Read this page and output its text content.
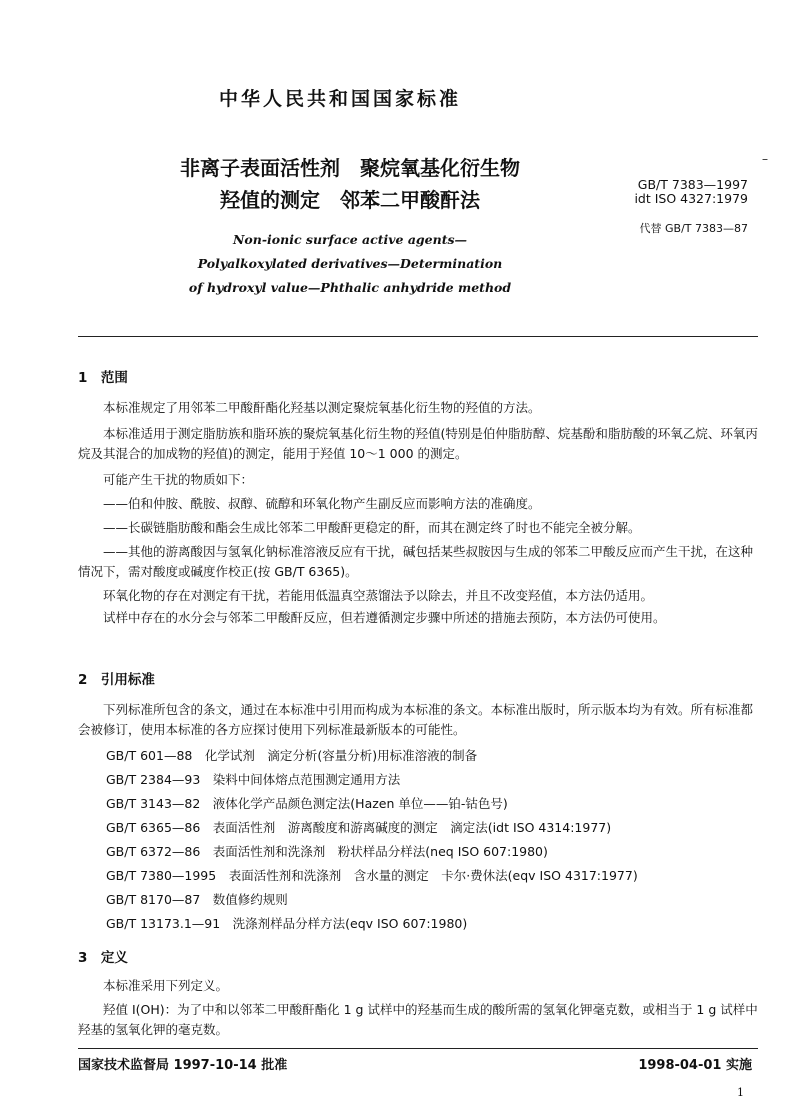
中华人民共和国国家标准
–
非离子表面活性剂　聚烷氧基化衍生物
羟值的测定　邻苯二甲酸酐法
GB/T 7383—1997
idt ISO 4327:1979
代替 GB/T 7383—87
Non-ionic surface active agents—
Polyalkoxylated derivatives—Determination
of hydroxyl value—Phthalic anhydride method
1　范围
本标准规定了用邻苯二甲酸酐酯化羟基以测定聚烷氧基化衍生物的羟值的方法。
本标准适用于测定脂肪族和脂环族的聚烷氧基化衍生物的羟值(特别是伯仲脂肪醇、烷基酚和脂肪酸的环氧乙烷、环氧丙烷及其混合的加成物的羟值)的测定，能用于羟值 10～1 000 的测定。
可能产生干扰的物质如下：
——伯和仲胺、酰胺、叔醇、硫醇和环氧化物产生副反应而影响方法的准确度。
——长碳链脂肪酸和酯会生成比邻苯二甲酸酐更稳定的酐，而其在测定终了时也不能完全被分解。
——其他的游离酸因与氢氧化钠标准溶液反应有干扰，碱包括某些叔胺因与生成的邻苯二甲酸反应而产生干扰，在这种情况下，需对酸度或碱度作校正(按 GB/T 6365)。
环氧化物的存在对测定有干扰，若能用低温真空蒸馏法予以除去，并且不改变羟值，本方法仍适用。
试样中存在的水分会与邻苯二甲酸酐反应，但若遵循测定步骤中所述的措施去预防，本方法仍可使用。
2　引用标准
下列标准所包含的条文，通过在本标准中引用而构成为本标准的条文。本标准出版时，所示版本均为有效。所有标准都会被修订，使用本标准的各方应探讨使用下列标准最新版本的可能性。
GB/T 601—88　化学试剂　滴定分析(容量分析)用标准溶液的制备
GB/T 2384—93　染料中间体熔点范围测定通用方法
GB/T 3143—82　液体化学产品颜色测定法(Hazen 单位——铂-钴色号)
GB/T 6365—86　表面活性剂　游离酸度和游离碱度的测定　滴定法(idt ISO 4314:1977)
GB/T 6372—86　表面活性剂和洗涤剂　粉状样品分样法(neq ISO 607:1980)
GB/T 7380—1995　表面活性剂和洗涤剂　含水量的测定　卡尔·费休法(eqv ISO 4317:1977)
GB/T 8170—87　数值修约规则
GB/T 13173.1—91　洗涤剂样品分样方法(eqv ISO 607:1980)
3　定义
本标准采用下列定义。
羟值 I(OH)：为了中和以邻苯二甲酸酐酯化 1 g 试样中的羟基而生成的酸所需的氢氧化钾毫克数，或相当于 1 g 试样中羟基的氢氧化钾的毫克数。
国家技术监督局 1997-10-14 批准	1998-04-01 实施
1
